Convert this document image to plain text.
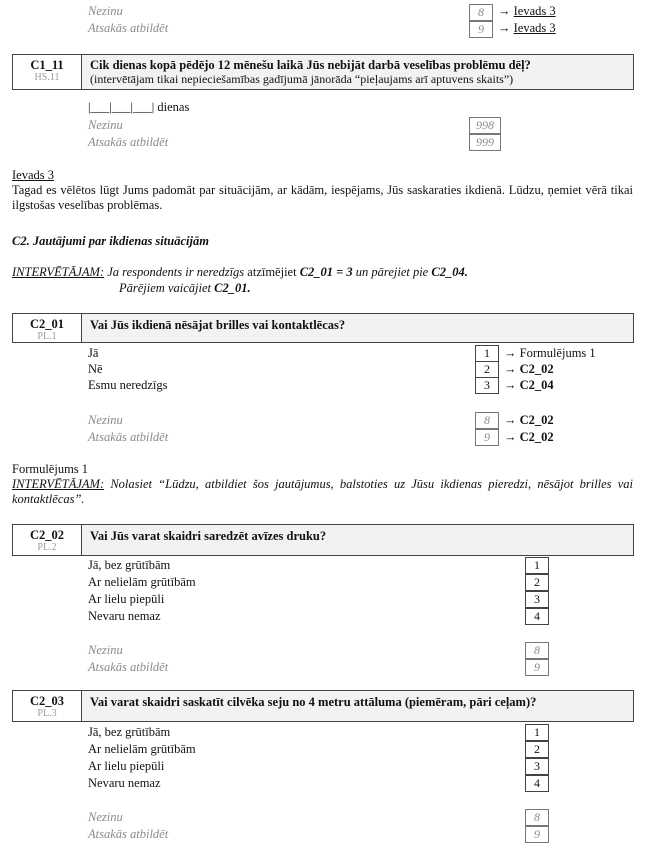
Nezinu	8	→ Ievads 3
Atsakās atbildēt	9	→ Ievads 3
C1_11
HS.11
Cik dienas kopā pēdējo 12 mēnešu laikā Jūs nebijāt darbā veselības problēmu dēļ?
(intervētājam tikai nepieciešamības gadījumā jānorāda “pieļaujams arī aptuvens skaits”)
|___|___|___| dienas
Nezinu	998
Atsakās atbildēt	999
Ievads 3
Tagad es vēlētos lūgt Jums padomāt par situācijām, ar kādām, iespējams, Jūs saskaraties ikdienā. Lūdzu, ņemiet vērā tikai ilgstošas veselības problēmas.
C2. Jautājumi par ikdienas situācijām
INTERVĒTĀJAM: Ja respondents ir neredzīgs atzīmējiet C2_01 = 3 un pārejiet pie C2_04.
Pārējiem vaicājiet C2_01.
C2_01
PL.1
Vai Jūs ikdienā nēsājat brilles vai kontaktlēcas?
Jā	1	→ Formulējums 1
Nē	2	→ C2_02
Esmu neredzīgs	3	→ C2_04
Nezinu	8	→ C2_02
Atsakās atbildēt	9	→ C2_02
Formulējums 1
INTERVĒTĀJAM: Nolasiet “Lūdzu, atbildiet šos jautājumus, balstoties uz Jūsu ikdienas pieredzi, nēsājot brilles vai kontaktlēcas”.
C2_02
PL.2
Vai Jūs varat skaidri saredzēt avīzes druku?
Jā, bez grūtībām	1
Ar nelielām grūtībām	2
Ar lielu piepūli	3
Nevaru nemaz	4
Nezinu	8
Atsakās atbildēt	9
C2_03
PL.3
Vai varat skaidri saskatīt cilvēka seju no 4 metru attāluma (piemēram, pāri ceļam)?
Jā, bez grūtībām	1
Ar nelielām grūtībām	2
Ar lielu piepūli	3
Nevaru nemaz	4
Nezinu	8
Atsakās atbildēt	9
